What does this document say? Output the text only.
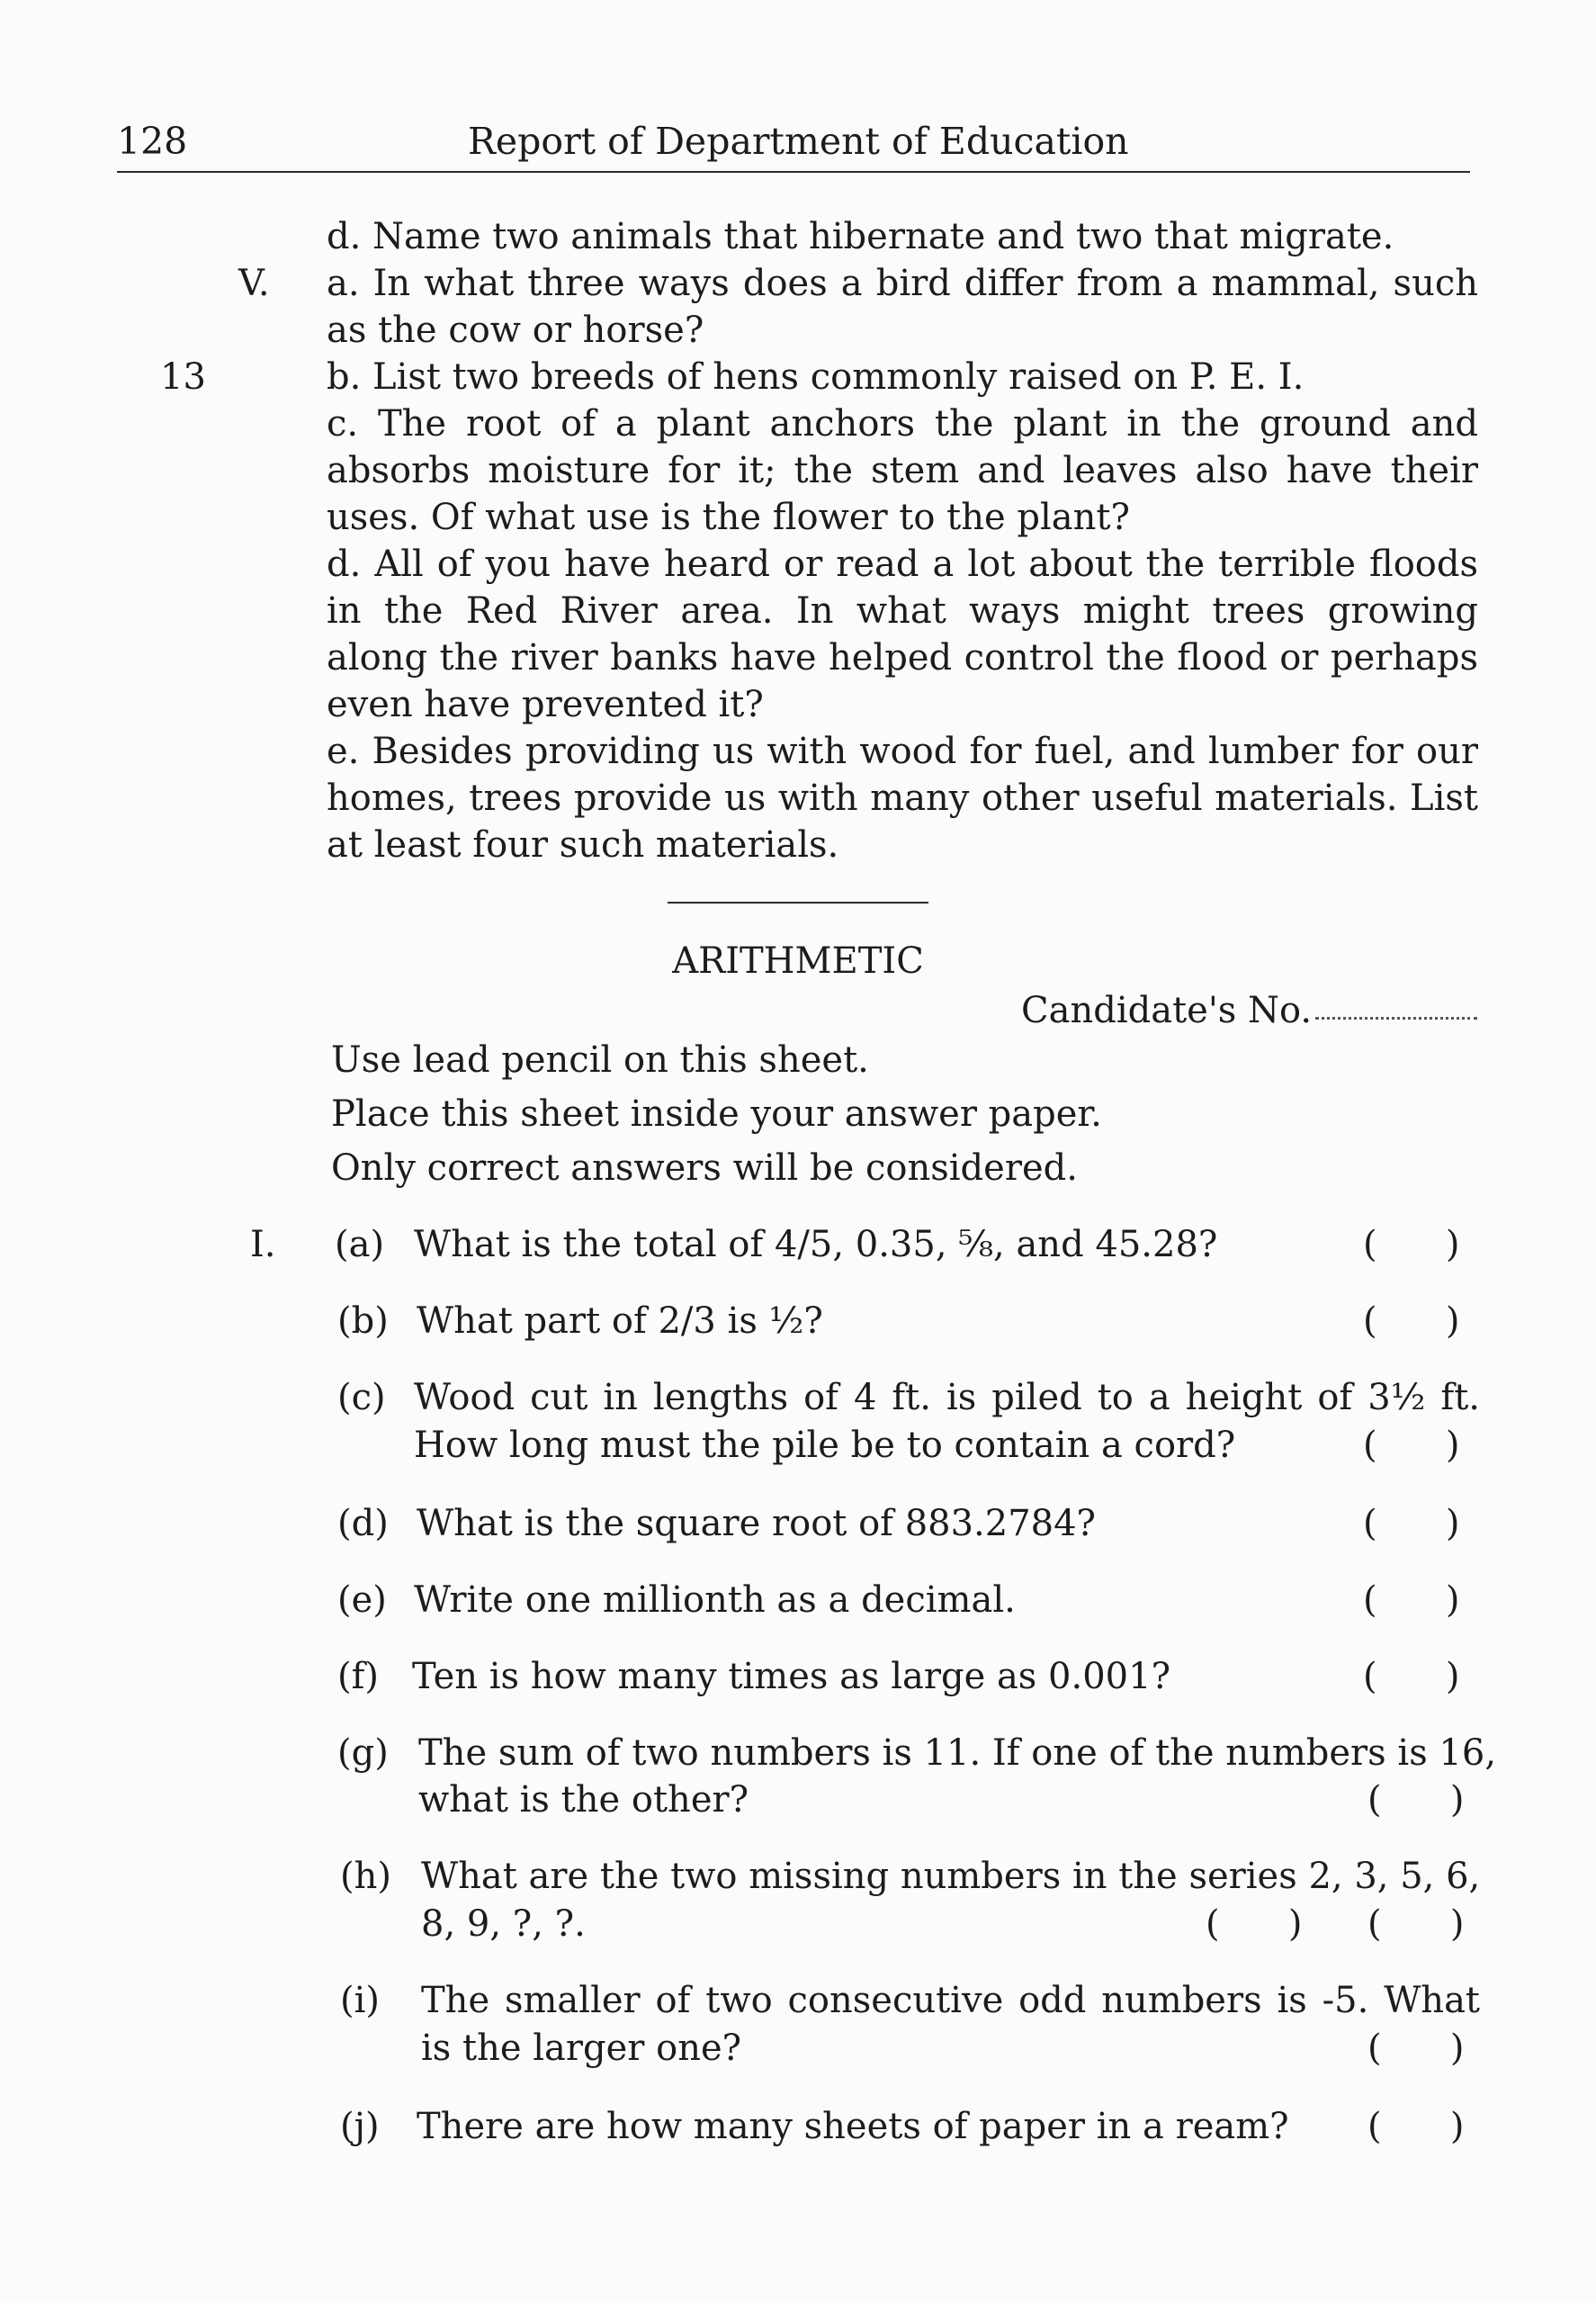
128	Report of Department of Education
d. Name two animals that hibernate and two that migrate.
V. a. In what three ways does a bird differ from a mammal, such
as the cow or horse?
13	b. List two breeds of hens commonly raised on P. E. I.
c. The root of a plant anchors the plant in the ground and
absorbs moisture for it; the stem and leaves also have their
uses. Of what use is the flower to the plant?
d. All of you have heard or read a lot about the terrible floods
in the Red River area. In what ways might trees growing
along the river banks have helped control the flood or perhaps
even have prevented it?
e. Besides providing us with wood for fuel, and lumber for our
homes, trees provide us with many other useful materials. List
at least four such materials.
ARITHMETIC
Candidate's No.
Use lead pencil on this sheet.
Place this sheet inside your answer paper.
Only correct answers will be considered.
I. (a) What is the total of 4/5, 0.35, ⅝, and 45.28?	(      )
(b) What part of 2/3 is ½?	(      )
(c) Wood cut in lengths of 4 ft. is piled to a height of 3½ ft.
How long must the pile be to contain a cord?	(      )
(d) What is the square root of 883.2784?	(      )
(e) Write one millionth as a decimal.	(      )
(f) Ten is how many times as large as 0.001?	(      )
(g) The sum of two numbers is 11. If one of the numbers is 16,
what is the other?	(      )
(h) What are the two missing numbers in the series 2, 3, 5, 6,
8, 9, ?, ?.	(      ) (      )
(i) The smaller of two consecutive odd numbers is -5. What
is the larger one?	(      )
(j) There are how many sheets of paper in a ream? (      )
